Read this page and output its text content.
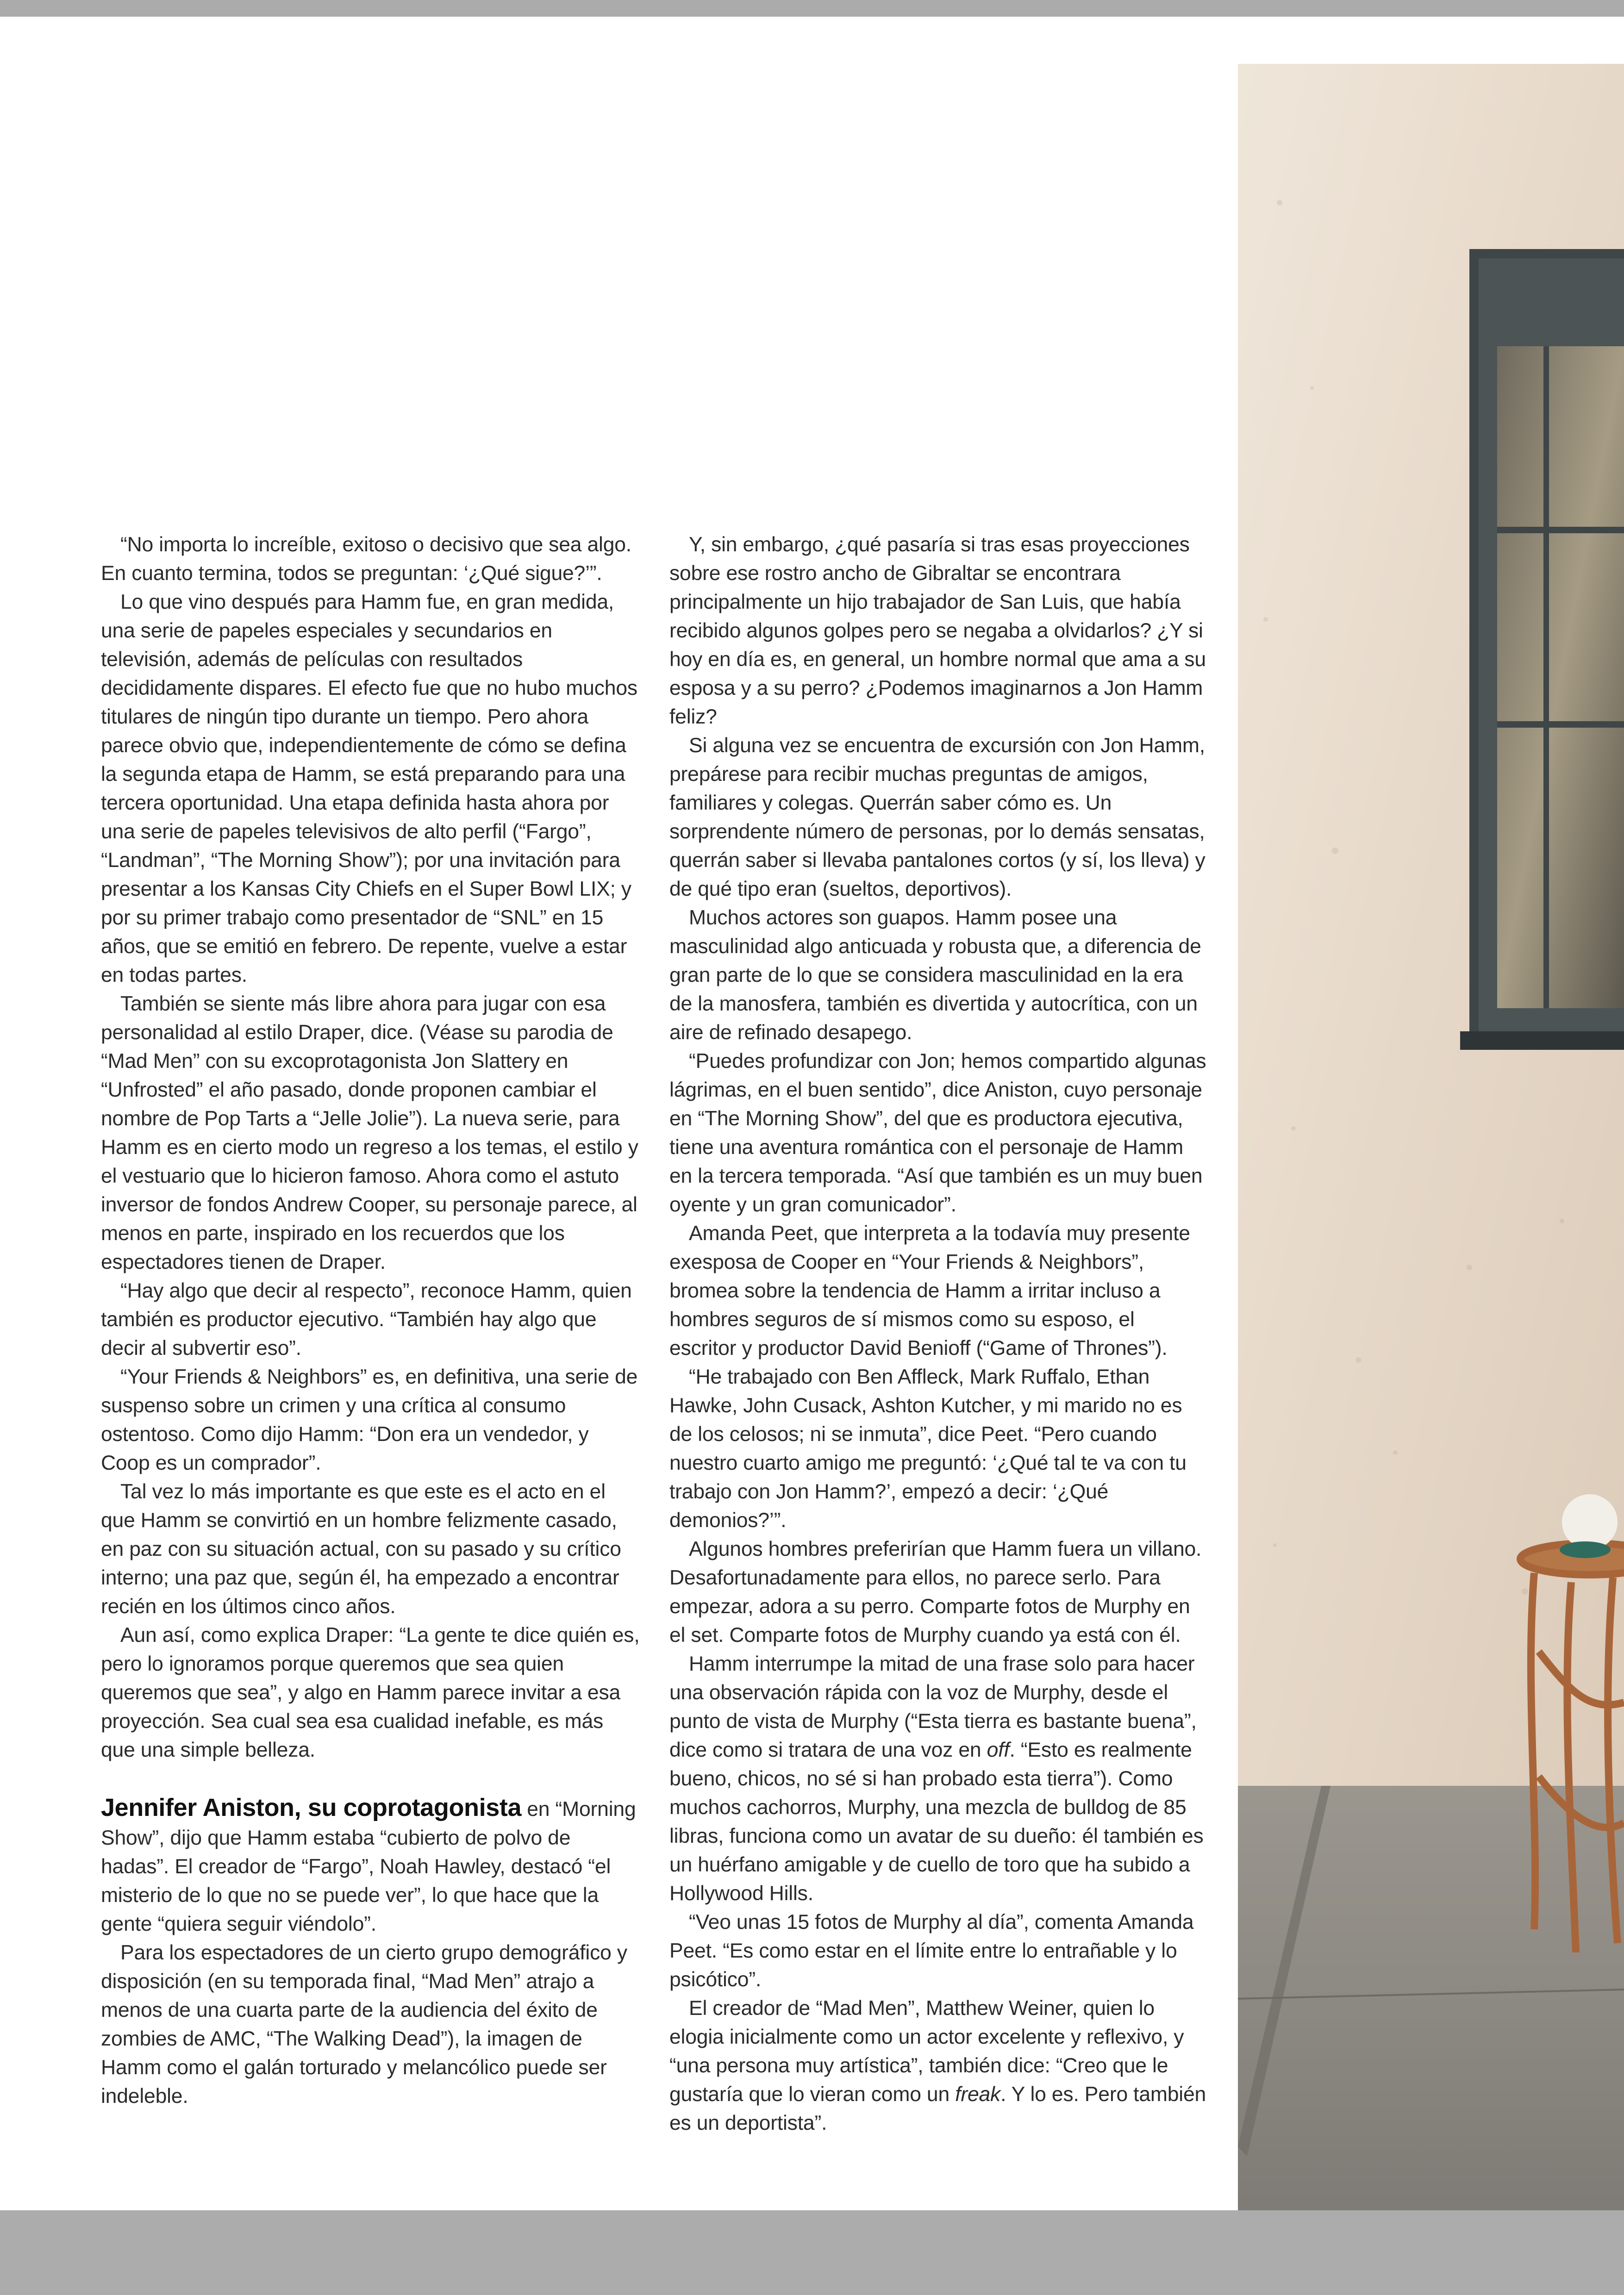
“No importa lo increíble, exitoso o decisivo que sea algo. En cuanto termina, todos se preguntan: ‘¿Qué sigue?’”.

Lo que vino después para Hamm fue, en gran medida, una serie de papeles especiales y secundarios en televisión, además de películas con resultados decididamente dispares. El efecto fue que no hubo muchos titulares de ningún tipo durante un tiempo. Pero ahora parece obvio que, independientemente de cómo se defina la segunda etapa de Hamm, se está preparando para una tercera oportunidad. Una etapa definida hasta ahora por una serie de papeles televisivos de alto perfil (“Fargo”, “Landman”, “The Morning Show”); por una invitación para presentar a los Kansas City Chiefs en el Super Bowl LIX; y por su primer trabajo como presentador de “SNL” en 15 años, que se emitió en febrero. De repente, vuelve a estar en todas partes.

También se siente más libre ahora para jugar con esa personalidad al estilo Draper, dice. (Véase su parodia de “Mad Men” con su excoprotagonista Jon Slattery en “Unfrosted” el año pasado, donde proponen cambiar el nombre de Pop Tarts a “Jelle Jolie”). La nueva serie, para Hamm es en cierto modo un regreso a los temas, el estilo y el vestuario que lo hicieron famoso. Ahora como el astuto inversor de fondos Andrew Cooper, su personaje parece, al menos en parte, inspirado en los recuerdos que los espectadores tienen de Draper.

“Hay algo que decir al respecto”, reconoce Hamm, quien también es productor ejecutivo. “También hay algo que decir al subvertir eso”.

“Your Friends & Neighbors” es, en definitiva, una serie de suspenso sobre un crimen y una crítica al consumo ostentoso. Como dijo Hamm: “Don era un vendedor, y Coop es un comprador”.

Tal vez lo más importante es que este es el acto en el que Hamm se convirtió en un hombre felizmente casado, en paz con su situación actual, con su pasado y su crítico interno; una paz que, según él, ha empezado a encontrar recién en los últimos cinco años.

Aun así, como explica Draper: “La gente te dice quién es, pero lo ignoramos porque queremos que sea quien queremos que sea”, y algo en Hamm parece invitar a esa proyección. Sea cual sea esa cualidad inefable, es más que una simple belleza.

Jennifer Aniston, su coprotagonista en “Morning Show”, dijo que Hamm estaba “cubierto de polvo de hadas”. El creador de “Fargo”, Noah Hawley, destacó “el misterio de lo que no se puede ver”, lo que hace que la gente “quiera seguir viéndolo”.

Para los espectadores de un cierto grupo demográfico y disposición (en su temporada final, “Mad Men” atrajo a menos de una cuarta parte de la audiencia del éxito de zombies de AMC, “The Walking Dead”), la imagen de Hamm como el galán torturado y melancólico puede ser indeleble.

Y, sin embargo, ¿qué pasaría si tras esas proyecciones sobre ese rostro ancho de Gibraltar se encontrara principalmente un hijo trabajador de San Luis, que había recibido algunos golpes pero se negaba a olvidarlos? ¿Y si hoy en día es, en general, un hombre normal que ama a su esposa y a su perro? ¿Podemos imaginarnos a Jon Hamm feliz?

Si alguna vez se encuentra de excursión con Jon Hamm, prepárese para recibir muchas preguntas de amigos, familiares y colegas. Querrán saber cómo es. Un sorprendente número de personas, por lo demás sensatas, querrán saber si llevaba pantalones cortos (y sí, los lleva) y de qué tipo eran (sueltos, deportivos).

Muchos actores son guapos. Hamm posee una masculinidad algo anticuada y robusta que, a diferencia de gran parte de lo que se considera masculinidad en la era de la manosfera, también es divertida y autocrítica, con un aire de refinado desapego.

“Puedes profundizar con Jon; hemos compartido algunas lágrimas, en el buen sentido”, dice Aniston, cuyo personaje en “The Morning Show”, del que es productora ejecutiva, tiene una aventura romántica con el personaje de Hamm en la tercera temporada. “Así que también es un muy buen oyente y un gran comunicador”.

Amanda Peet, que interpreta a la todavía muy presente exesposa de Cooper en “Your Friends & Neighbors”, bromea sobre la tendencia de Hamm a irritar incluso a hombres seguros de sí mismos como su esposo, el escritor y productor David Benioff (“Game of Thrones”).

“He trabajado con Ben Affleck, Mark Ruffalo, Ethan Hawke, John Cusack, Ashton Kutcher, y mi marido no es de los celosos; ni se inmuta”, dice Peet. “Pero cuando nuestro cuarto amigo me preguntó: ‘¿Qué tal te va con tu trabajo con Jon Hamm?’, empezó a decir: ‘¿Qué demonios?’”.

Algunos hombres preferirían que Hamm fuera un villano. Desafortunadamente para ellos, no parece serlo. Para empezar, adora a su perro. Comparte fotos de Murphy en el set. Comparte fotos de Murphy cuando ya está con él.

Hamm interrumpe la mitad de una frase solo para hacer una observación rápida con la voz de Murphy, desde el punto de vista de Murphy (“Esta tierra es bastante buena”, dice como si tratara de una voz en off. “Esto es realmente bueno, chicos, no sé si han probado esta tierra”). Como muchos cachorros, Murphy, una mezcla de bulldog de 85 libras, funciona como un avatar de su dueño: él también es un huérfano amigable y de cuello de toro que ha subido a Hollywood Hills.

“Veo unas 15 fotos de Murphy al día”, comenta Amanda Peet. “Es como estar en el límite entre lo entrañable y lo psicótico”.

El creador de “Mad Men”, Matthew Weiner, quien lo elogia inicialmente como un actor excelente y reflexivo, y “una persona muy artística”, también dice: “Creo que le gustaría que lo vieran como un freak. Y lo es. Pero también es un deportista”.
